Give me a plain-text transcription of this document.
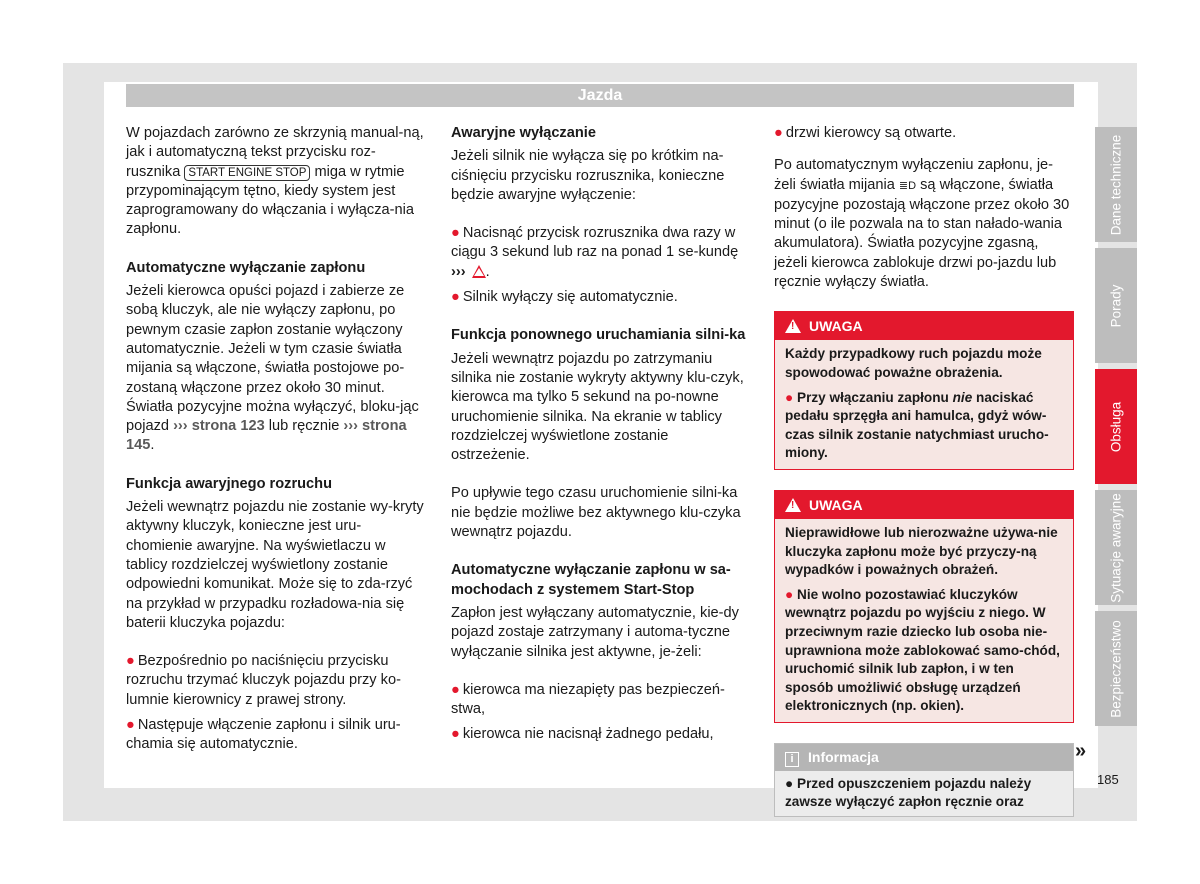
Jazda

W pojazdach zarówno ze skrzynią manual-ną, jak i automatyczną tekst przycisku roz-rusznika START ENGINE STOP miga w rytmie przypominającym tętno, kiedy system jest zaprogramowany do włączania i wyłącza-nia zapłonu.

Automatyczne wyłączanie zapłonu

Jeżeli kierowca opuści pojazd i zabierze ze sobą kluczyk, ale nie wyłączy zapłonu, po pewnym czasie zapłon zostanie wyłączony automatycznie. Jeżeli w tym czasie światła mijania są włączone, światła postojowe po-zostaną włączone przez około 30 minut. Światła pozycyjne można wyłączyć, bloku-jąc pojazd ››› strona 123 lub ręcznie ››› strona 145.

Funkcja awaryjnego rozruchu

Jeżeli wewnątrz pojazdu nie zostanie wy-kryty aktywny kluczyk, konieczne jest uru-chomienie awaryjne. Na wyświetlaczu w tablicy rozdzielczej wyświetlony zostanie odpowiedni komunikat. Może się to zda-rzyć na przykład w przypadku rozładowa-nia się baterii kluczyka pojazdu:

● Bezpośrednio po naciśnięciu przycisku rozruchu trzymać kluczyk pojazdu przy ko-lumnie kierownicy z prawej strony.

● Następuje włączenie zapłonu i silnik uru-chamia się automatycznie.

Awaryjne wyłączanie

Jeżeli silnik nie wyłącza się po krótkim na-ciśnięciu przycisku rozrusznika, konieczne będzie awaryjne wyłączenie:

● Nacisnąć przycisk rozrusznika dwa razy w ciągu 3 sekund lub raz na ponad 1 se-kundę ››› .

● Silnik wyłączy się automatycznie.

Funkcja ponownego uruchamiania silni-ka

Jeżeli wewnątrz pojazdu po zatrzymaniu silnika nie zostanie wykryty aktywny klu-czyk, kierowca ma tylko 5 sekund na po-nowne uruchomienie silnika. Na ekranie w tablicy rozdzielczej wyświetlone zostanie ostrzeżenie.

Po upływie tego czasu uruchomienie silni-ka nie będzie możliwe bez aktywnego klu-czyka wewnątrz pojazdu.

Automatyczne wyłączanie zapłonu w sa-mochodach z systemem Start-Stop

Zapłon jest wyłączany automatycznie, kie-dy pojazd zostaje zatrzymany i automa-tyczne wyłączanie silnika jest aktywne, je-żeli:

● kierowca ma niezapięty pas bezpieczeń-stwa,

● kierowca nie nacisnął żadnego pedału,

● drzwi kierowcy są otwarte.

Po automatycznym wyłączeniu zapłonu, je-żeli światła mijania ≣D są włączone, światła pozycyjne pozostają włączone przez około 30 minut (o ile pozwala na to stan nałado-wania akumulatora). Światła pozycyjne zgasną, jeżeli kierowca zablokuje drzwi po-jazdu lub ręcznie wyłączy światła.

!UWAGA

Każdy przypadkowy ruch pojazdu może spowodować poważne obrażenia.

● Przy włączaniu zapłonu nie naciskać pedału sprzęgła ani hamulca, gdyż wów-czas silnik zostanie natychmiast urucho-miony.

!UWAGA

Nieprawidłowe lub nierozważne używa-nie kluczyka zapłonu może być przyczy-ną wypadków i poważnych obrażeń.

● Nie wolno pozostawiać kluczyków wewnątrz pojazdu po wyjściu z niego. W przeciwnym razie dziecko lub osoba nie-uprawniona może zablokować samo-chód, uruchomić silnik lub zapłon, i w ten sposób umożliwić obsługę urządzeń elektronicznych (np. okien).

i Informacja
● Przed opuszczeniem pojazdu należy zawsze wyłączyć zapłon ręcznie oraz
»
Dane techniczne
Porady
Obsługa
Sytuacje awaryjne
Bezpieczeństwo
185
